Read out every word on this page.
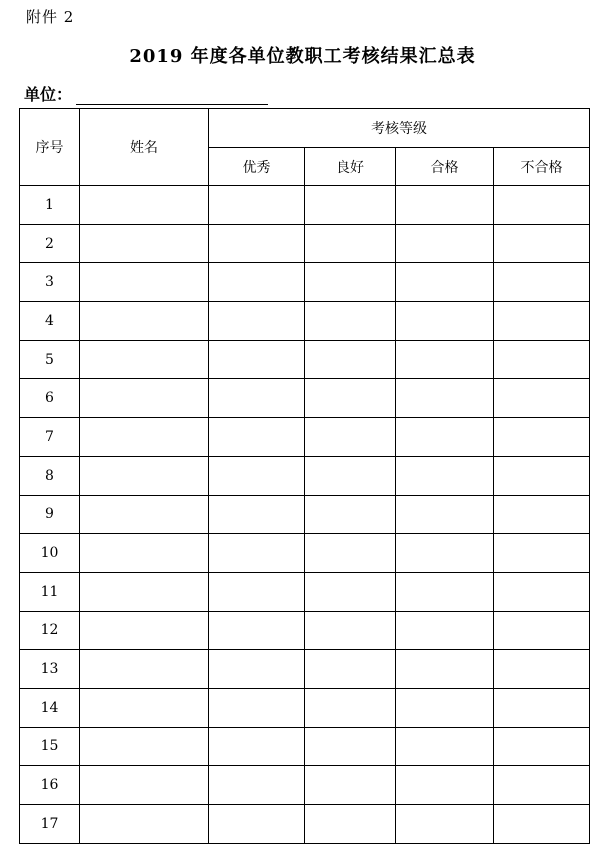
附件 2
2019 年度各单位教职工考核结果汇总表
单位：
序号	姓名	考核等级			
		优秀	良好	合格	不合格
1					
2					
3					
4					
5					
6					
7					
8					
9					
10					
11					
12					
13					
14					
15					
16					
17					
